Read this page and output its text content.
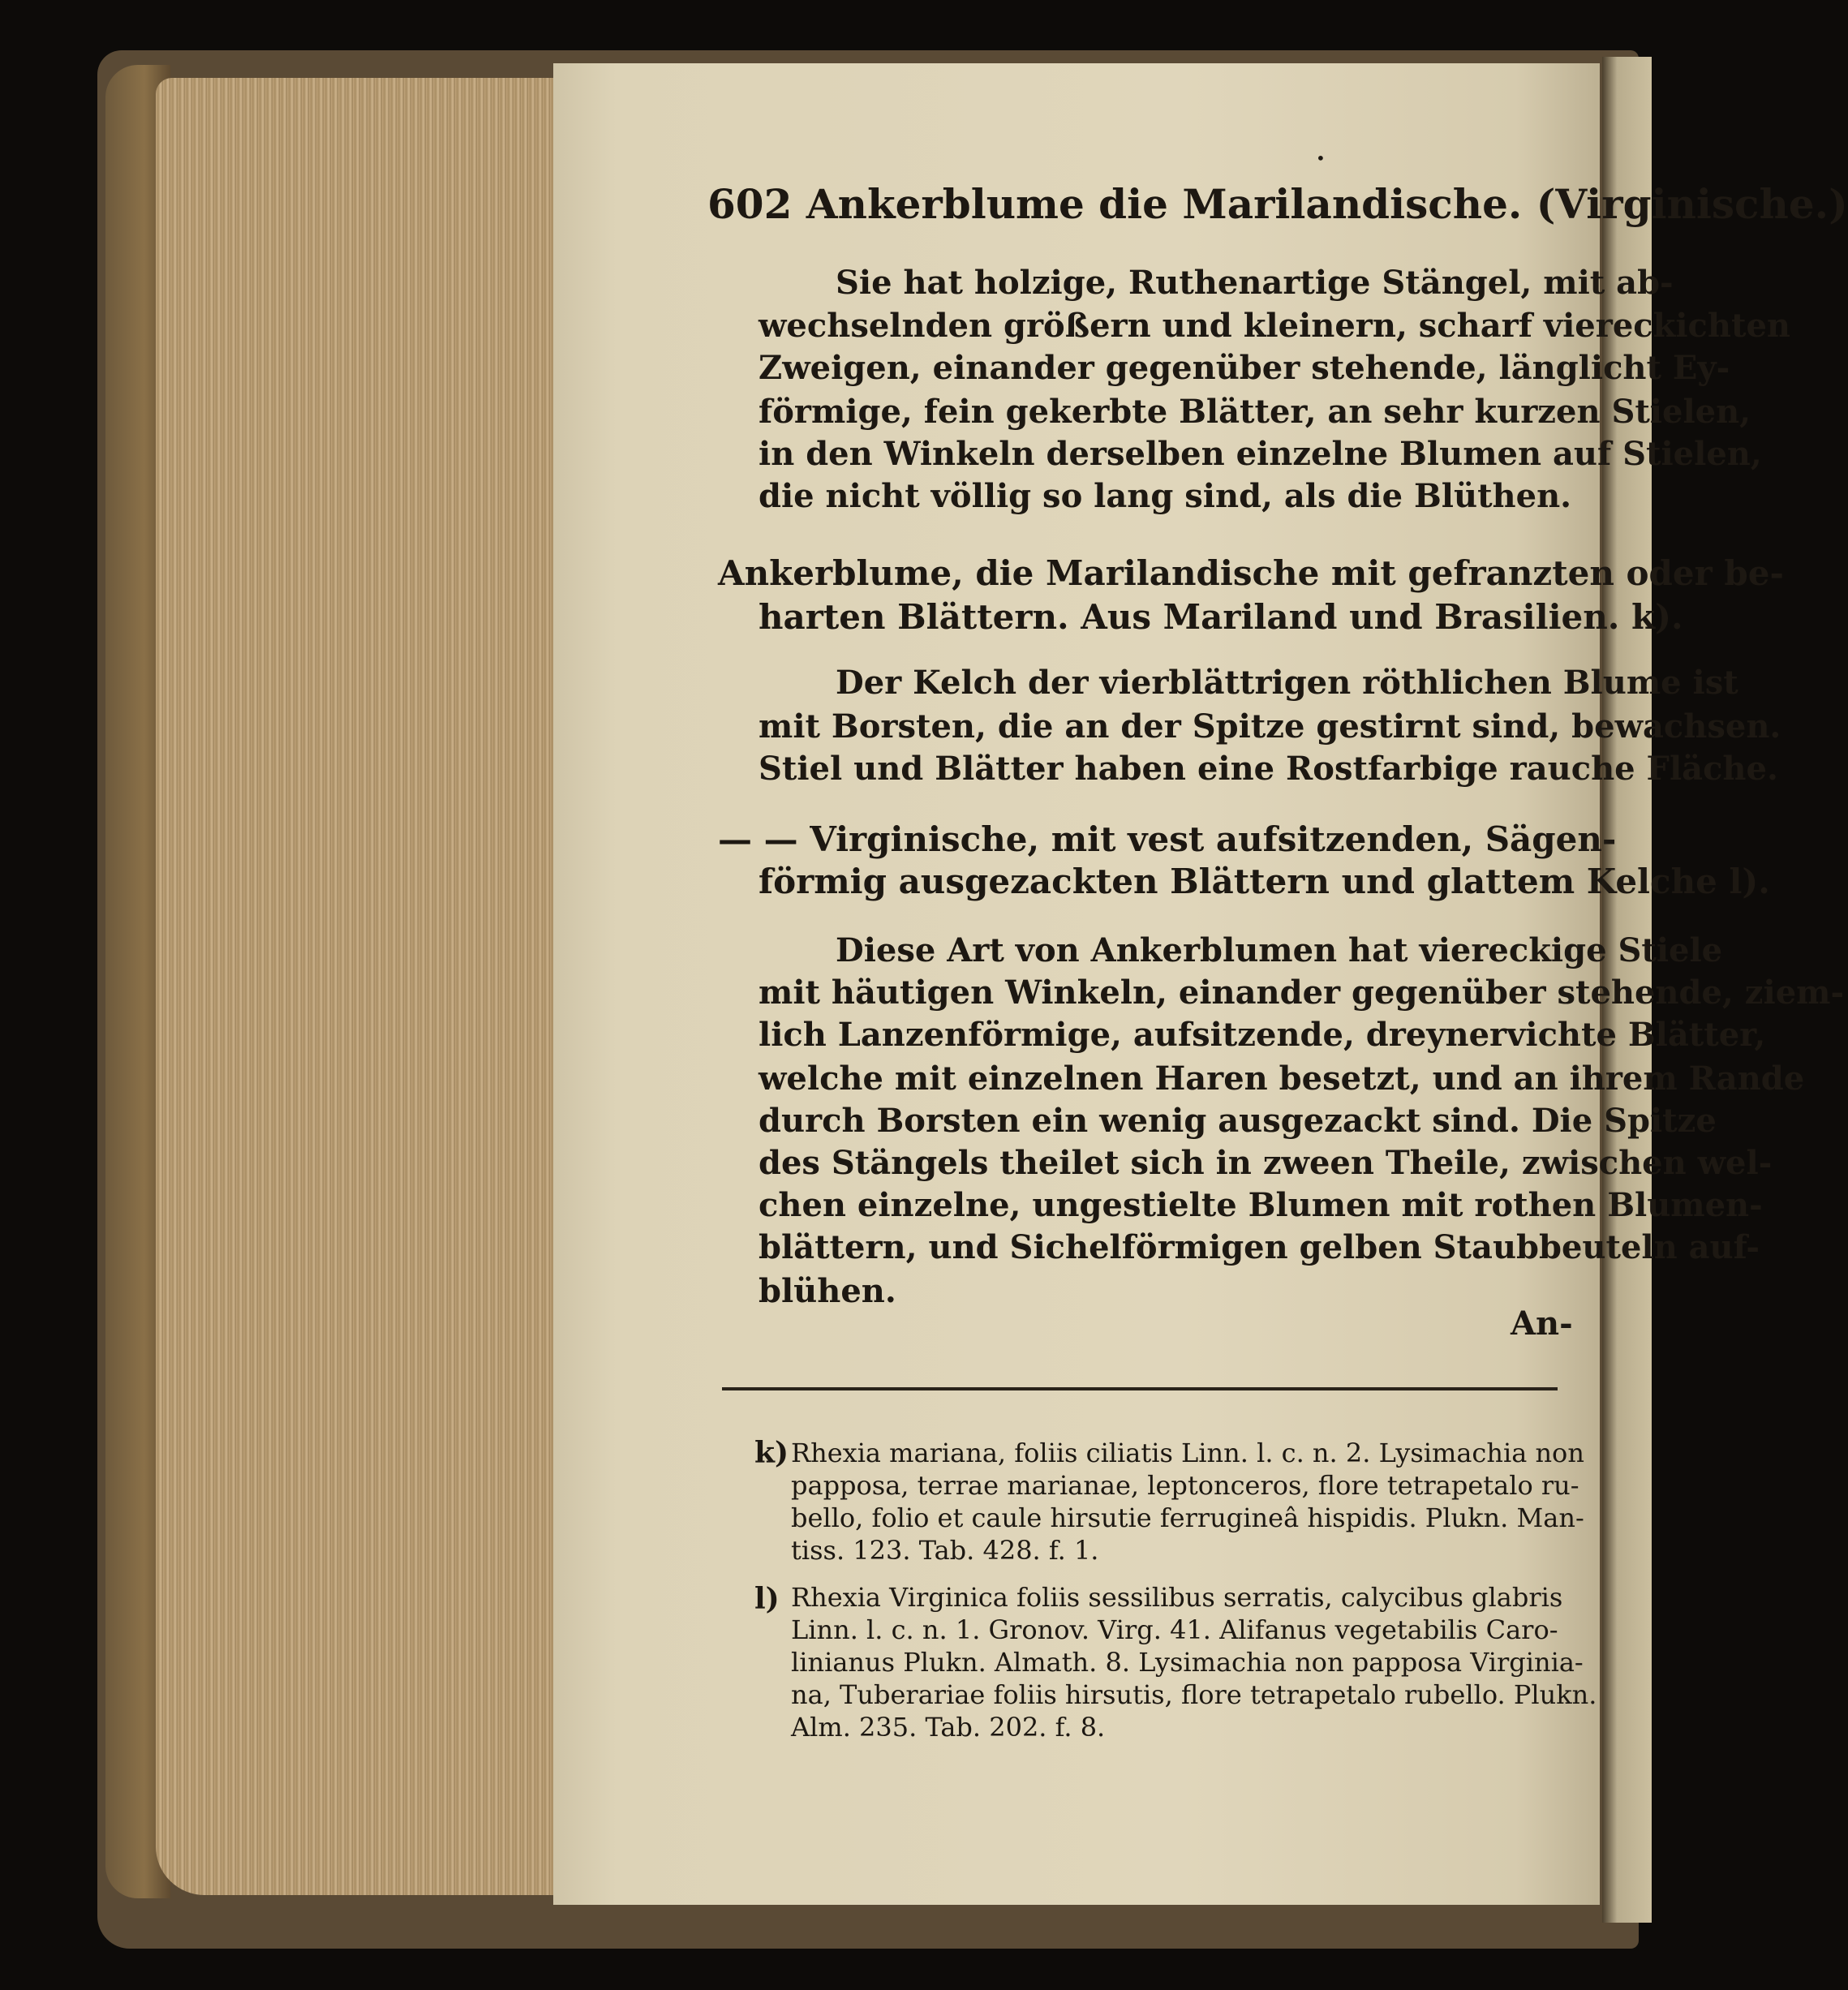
•
602 Ankerblume die Marilandische. (Virginische.)
Sie hat holzige, Ruthenartige Stängel, mit ab-
wechselnden größern und kleinern, scharf viereckichten
Zweigen, einander gegenüber stehende, länglicht Ey-
förmige, fein gekerbte Blätter, an sehr kurzen Stielen,
in den Winkeln derselben einzelne Blumen auf Stielen,
die nicht völlig so lang sind, als die Blüthen.
Ankerblume, die Marilandische mit gefranzten oder be-
harten Blättern. Aus Mariland und Brasilien. k).
Der Kelch der vierblättrigen röthlichen Blume ist
mit Borsten, die an der Spitze gestirnt sind, bewachsen.
Stiel und Blätter haben eine Rostfarbige rauche Fläche.
— — Virginische, mit vest aufsitzenden, Sägen-
förmig ausgezackten Blättern und glattem Kelche l).
Diese Art von Ankerblumen hat viereckige Stiele
mit häutigen Winkeln, einander gegenüber stehende, ziem-
lich Lanzenförmige, aufsitzende, dreynervichte Blätter,
welche mit einzelnen Haren besetzt, und an ihrem Rande
durch Borsten ein wenig ausgezackt sind. Die Spitze
des Stängels theilet sich in zween Theile, zwischen wel-
chen einzelne, ungestielte Blumen mit rothen Blumen-
blättern, und Sichelförmigen gelben Staubbeuteln auf-
blühen.
An-
k) Rhexia mariana, foliis ciliatis Linn. l. c. n. 2. Lysimachia non
papposa, terrae marianae, leptonceros, flore tetrapetalo ru-
bello, folio et caule hirsutie ferrugineâ hispidis. Plukn. Man-
tiss. 123. Tab. 428. f. 1.
l) Rhexia Virginica foliis sessilibus serratis, calycibus glabris
Linn. l. c. n. 1. Gronov. Virg. 41. Alifanus vegetabilis Caro-
linianus Plukn. Almath. 8. Lysimachia non papposa Virginia-
na, Tuberariae foliis hirsutis, flore tetrapetalo rubello. Plukn.
Alm. 235. Tab. 202. f. 8.
